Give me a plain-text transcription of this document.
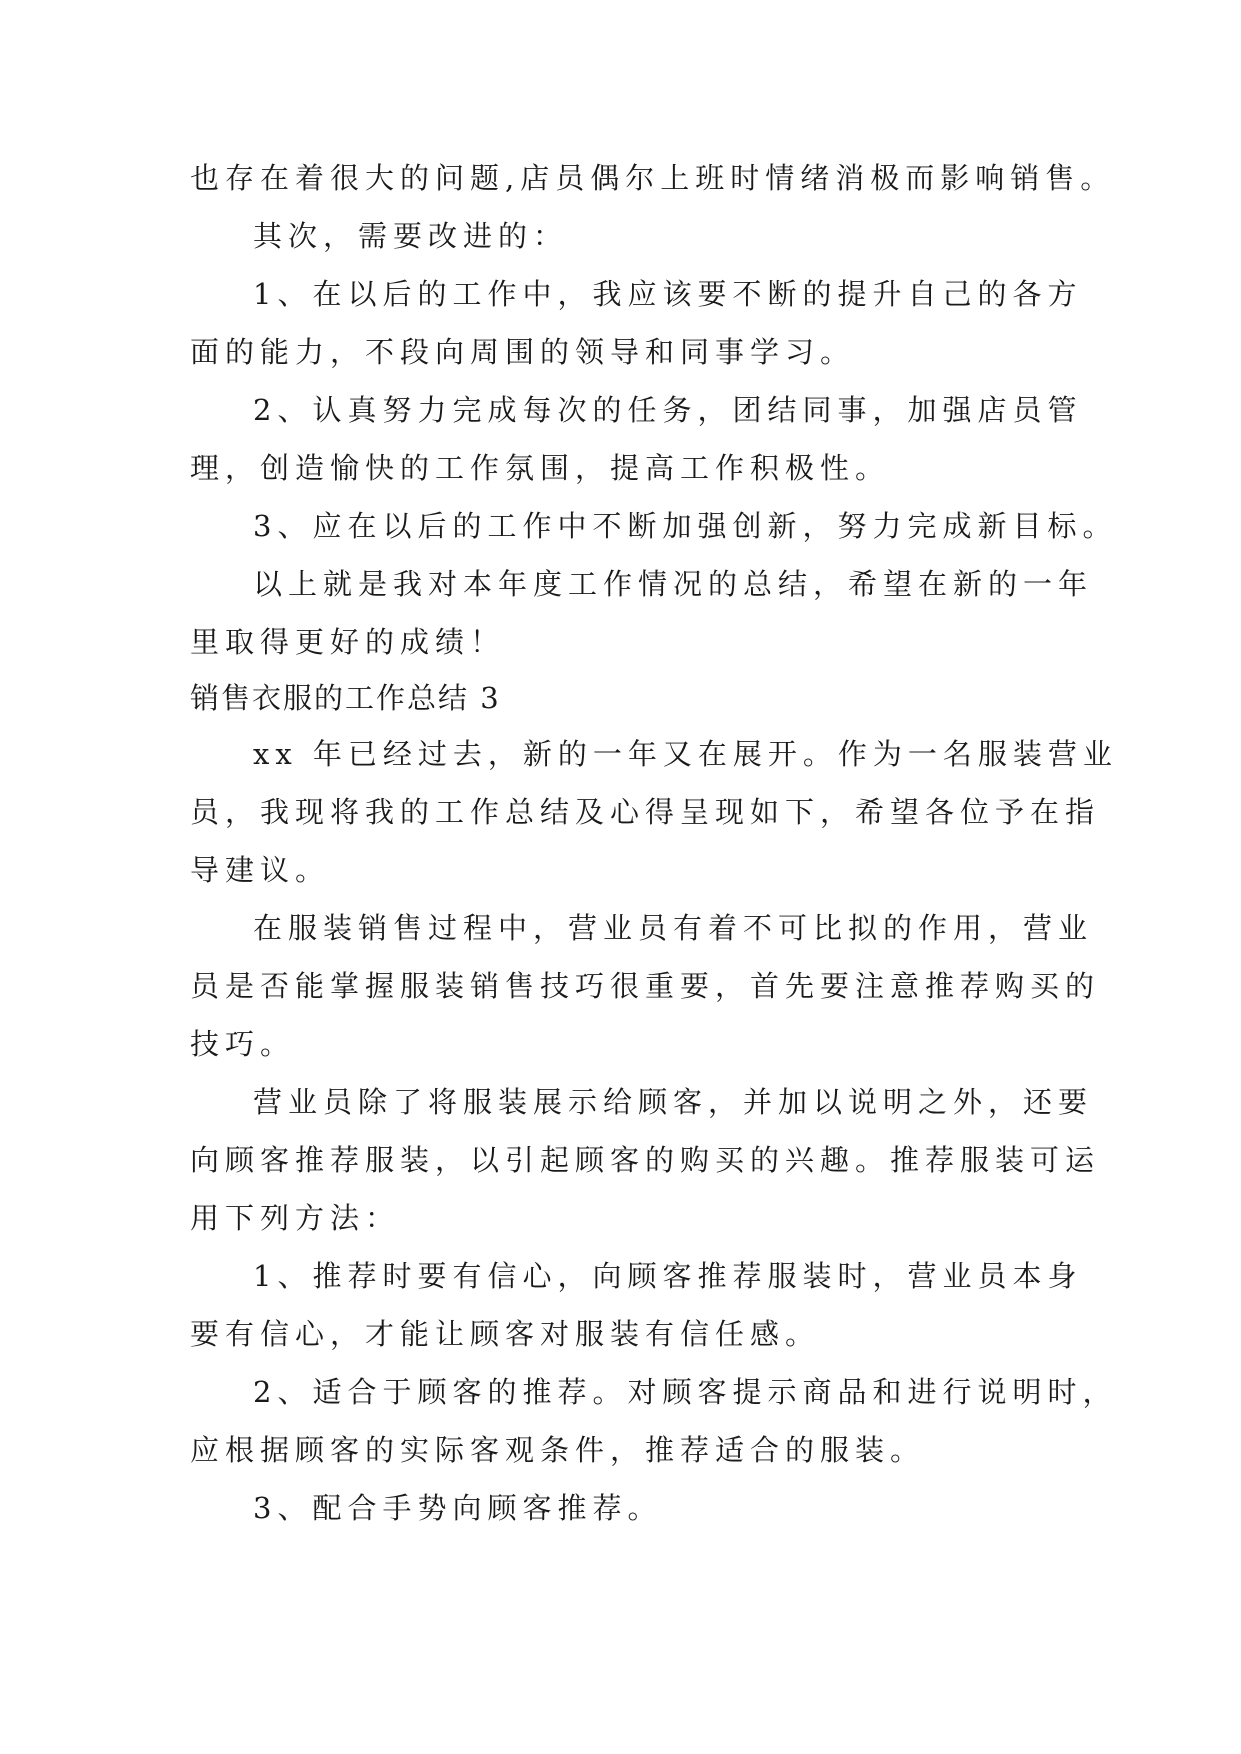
也存在着很大的问题,店员偶尔上班时情绪消极而影响销售。
其次，需要改进的：
1、在以后的工作中，我应该要不断的提升自己的各方
面的能力，不段向周围的领导和同事学习。
2、认真努力完成每次的任务，团结同事，加强店员管
理，创造愉快的工作氛围，提高工作积极性。
3、应在以后的工作中不断加强创新，努力完成新目标。
以上就是我对本年度工作情况的总结，希望在新的一年
里取得更好的成绩！
销售衣服的工作总结 3
xx 年已经过去，新的一年又在展开。作为一名服装营业
员，我现将我的工作总结及心得呈现如下，希望各位予在指
导建议。
在服装销售过程中，营业员有着不可比拟的作用，营业
员是否能掌握服装销售技巧很重要，首先要注意推荐购买的
技巧。
营业员除了将服装展示给顾客，并加以说明之外，还要
向顾客推荐服装，以引起顾客的购买的兴趣。推荐服装可运
用下列方法：
1、推荐时要有信心，向顾客推荐服装时，营业员本身
要有信心，才能让顾客对服装有信任感。
2、适合于顾客的推荐。对顾客提示商品和进行说明时，
应根据顾客的实际客观条件，推荐适合的服装。
3、配合手势向顾客推荐。
